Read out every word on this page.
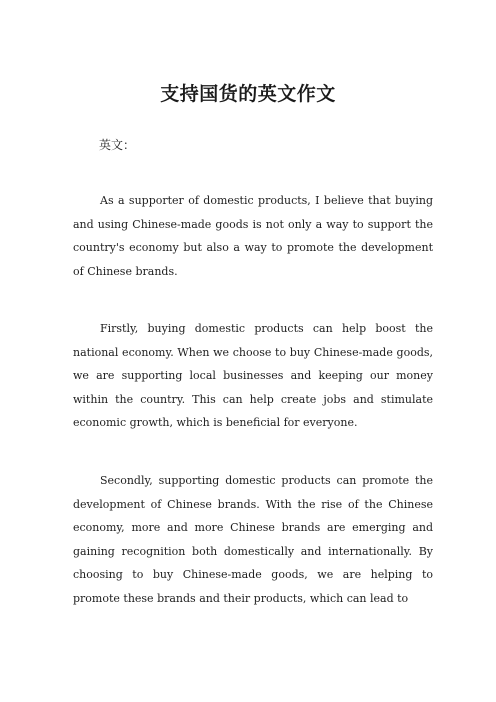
支持国货的英文作文
英文：

As a supporter of domestic products, I believe that buying and using Chinese-made goods is not only a way to support the country's economy but also a way to promote the development of Chinese brands.

Firstly, buying domestic products can help boost the national economy. When we choose to buy Chinese-made goods, we are supporting local businesses and keeping our money within the country. This can help create jobs and stimulate economic growth, which is beneficial for everyone.

Secondly, supporting domestic products can promote the development of Chinese brands. With the rise of the Chinese economy, more and more Chinese brands are emerging and gaining recognition both domestically and internationally. By choosing to buy Chinese-made goods, we are helping to promote these brands and their products, which can lead to
